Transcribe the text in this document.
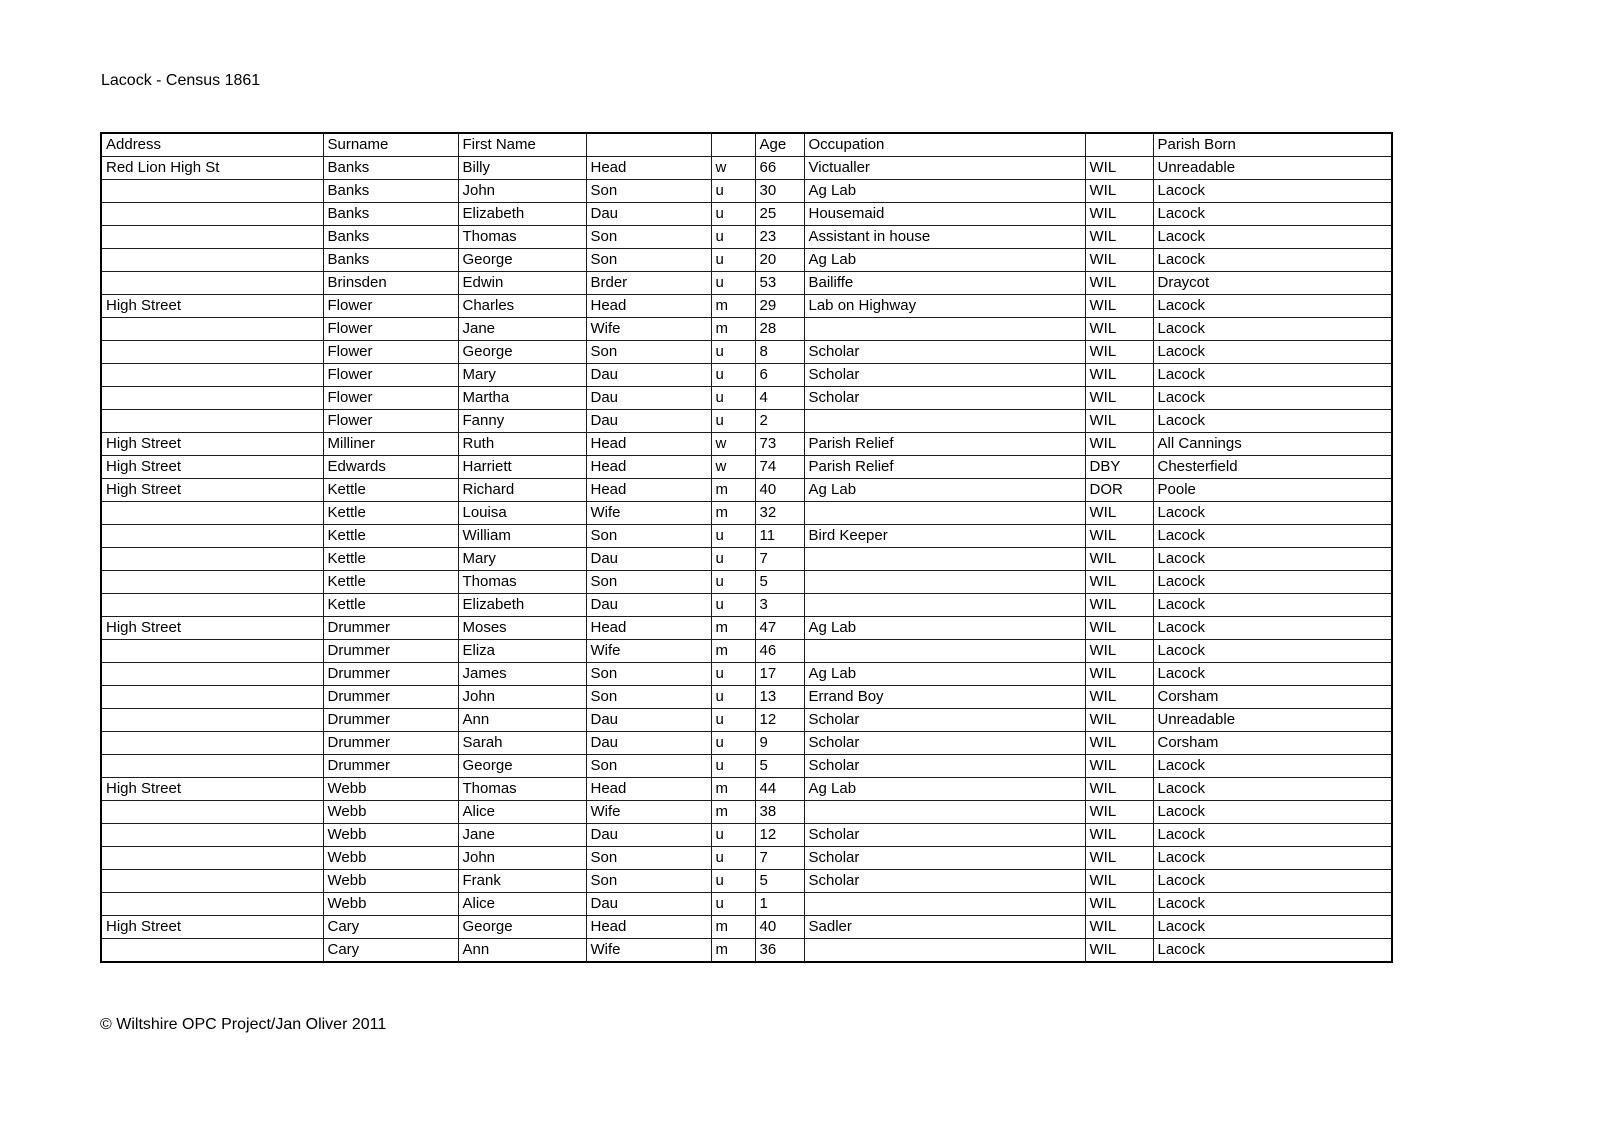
Lacock - Census 1861
Address	Surname	First Name			Age	Occupation		Parish Born
Red Lion High St	Banks	Billy	Head	w	66	Victualler	WIL	Unreadable
	Banks	John	Son	u	30	Ag Lab	WIL	Lacock
	Banks	Elizabeth	Dau	u	25	Housemaid	WIL	Lacock
	Banks	Thomas	Son	u	23	Assistant in house	WIL	Lacock
	Banks	George	Son	u	20	Ag Lab	WIL	Lacock
	Brinsden	Edwin	Brder	u	53	Bailiffe	WIL	Draycot
High Street	Flower	Charles	Head	m	29	Lab on Highway	WIL	Lacock
	Flower	Jane	Wife	m	28		WIL	Lacock
	Flower	George	Son	u	8	Scholar	WIL	Lacock
	Flower	Mary	Dau	u	6	Scholar	WIL	Lacock
	Flower	Martha	Dau	u	4	Scholar	WIL	Lacock
	Flower	Fanny	Dau	u	2		WIL	Lacock
High Street	Milliner	Ruth	Head	w	73	Parish Relief	WIL	All Cannings
High Street	Edwards	Harriett	Head	w	74	Parish Relief	DBY	Chesterfield
High Street	Kettle	Richard	Head	m	40	Ag Lab	DOR	Poole
	Kettle	Louisa	Wife	m	32		WIL	Lacock
	Kettle	William	Son	u	11	Bird Keeper	WIL	Lacock
	Kettle	Mary	Dau	u	7		WIL	Lacock
	Kettle	Thomas	Son	u	5		WIL	Lacock
	Kettle	Elizabeth	Dau	u	3		WIL	Lacock
High Street	Drummer	Moses	Head	m	47	Ag Lab	WIL	Lacock
	Drummer	Eliza	Wife	m	46		WIL	Lacock
	Drummer	James	Son	u	17	Ag Lab	WIL	Lacock
	Drummer	John	Son	u	13	Errand Boy	WIL	Corsham
	Drummer	Ann	Dau	u	12	Scholar	WIL	Unreadable
	Drummer	Sarah	Dau	u	9	Scholar	WIL	Corsham
	Drummer	George	Son	u	5	Scholar	WIL	Lacock
High Street	Webb	Thomas	Head	m	44	Ag Lab	WIL	Lacock
	Webb	Alice	Wife	m	38		WIL	Lacock
	Webb	Jane	Dau	u	12	Scholar	WIL	Lacock
	Webb	John	Son	u	7	Scholar	WIL	Lacock
	Webb	Frank	Son	u	5	Scholar	WIL	Lacock
	Webb	Alice	Dau	u	1		WIL	Lacock
High Street	Cary	George	Head	m	40	Sadler	WIL	Lacock
	Cary	Ann	Wife	m	36		WIL	Lacock
© Wiltshire OPC Project/Jan Oliver 2011
